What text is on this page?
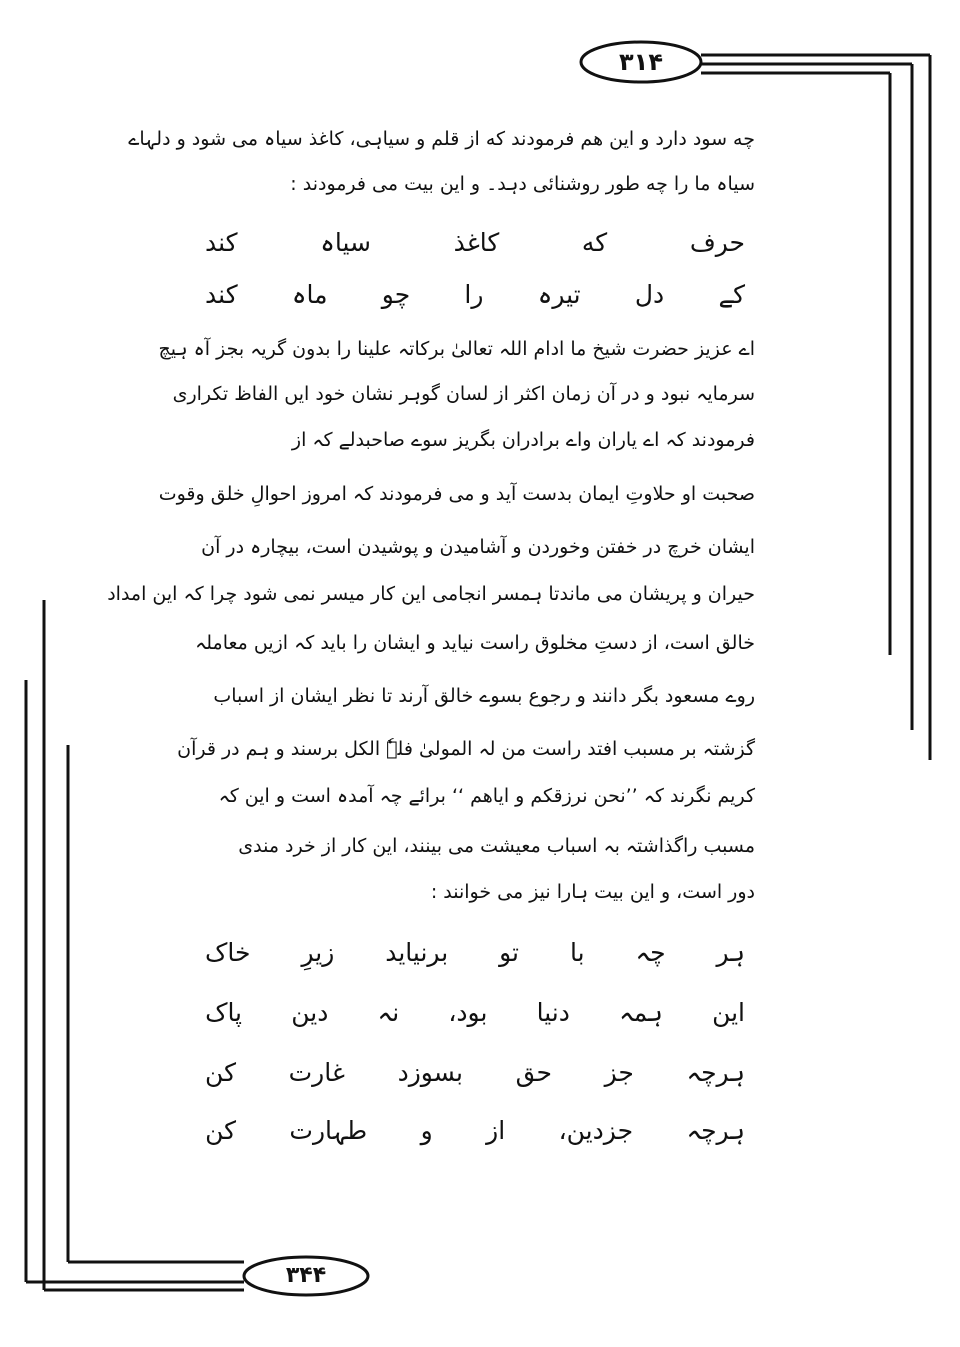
۳۱۴
۳۴۴
چه سود دارد و این هم فرمودند که از قلم و سیاہی، کاغذ سیاہ می شود و دلہاے
سیاہ ما را چه طور روشنائی دہد۔ و این بیت می فرمودند :
حرف
که
کاغذ
سیاہ
کند
کے
دل
تیرہ
را
چو
ماہ
کند
اے عزیز حضرت شیخ ما ادام اللہ تعالیٰ برکاتہ علینا را بدون گریہ بجز آہ ہیچ
سرمایہ نبود و در آن زمان اکثر از لسان گوہر نشان خود ایں الفاظ تکراری
فرمودند کہ اے یاران واے برادران بگریز سوے صاحبدلے کہ از
صحبت او حلاوتِ ایمان بدست آید و می فرمودند کہ امروز احوالِ خلق وقوت
ایشان خرچ در خفتن وخوردن و آشامیدن و پوشیدن است، بیچارہ در آن
حیران و پریشان می ماندتا ہمسر انجامی این کار میسر نمی شود چرا کہ این امداد
خالق است، از دستِ مخلوق راست نیاید و ایشان را باید کہ ازیں معاملہ
روے مسعود بگر دانند و رجوع بسوے خالق آرند تا نظر ایشان از اسباب
گزشتہ بر مسبب افتد راست من لہ المولیٰ فلہٗ الکل برسند و ہم در قرآن
کریم نگرند کہ ’’نحن نرزقکم و ایاھم ‘‘ برائے چہ آمدہ است و این کہ
مسبب راگذاشتہ بہ اسباب معیشت می بینند، این کار از خرد مندی
دور است، و این بیت ہارا نیز می خوانند :
ہر
چہ
با
تو
برنیاید
زیرِ
خاک
این
ہمہ
دنیا
بود،
نہ
دین
پاک
ہرچہ
جز
حق
بسوزد
غارت
کن
ہرچہ
جزدین،
از
و
طہارت
کن
